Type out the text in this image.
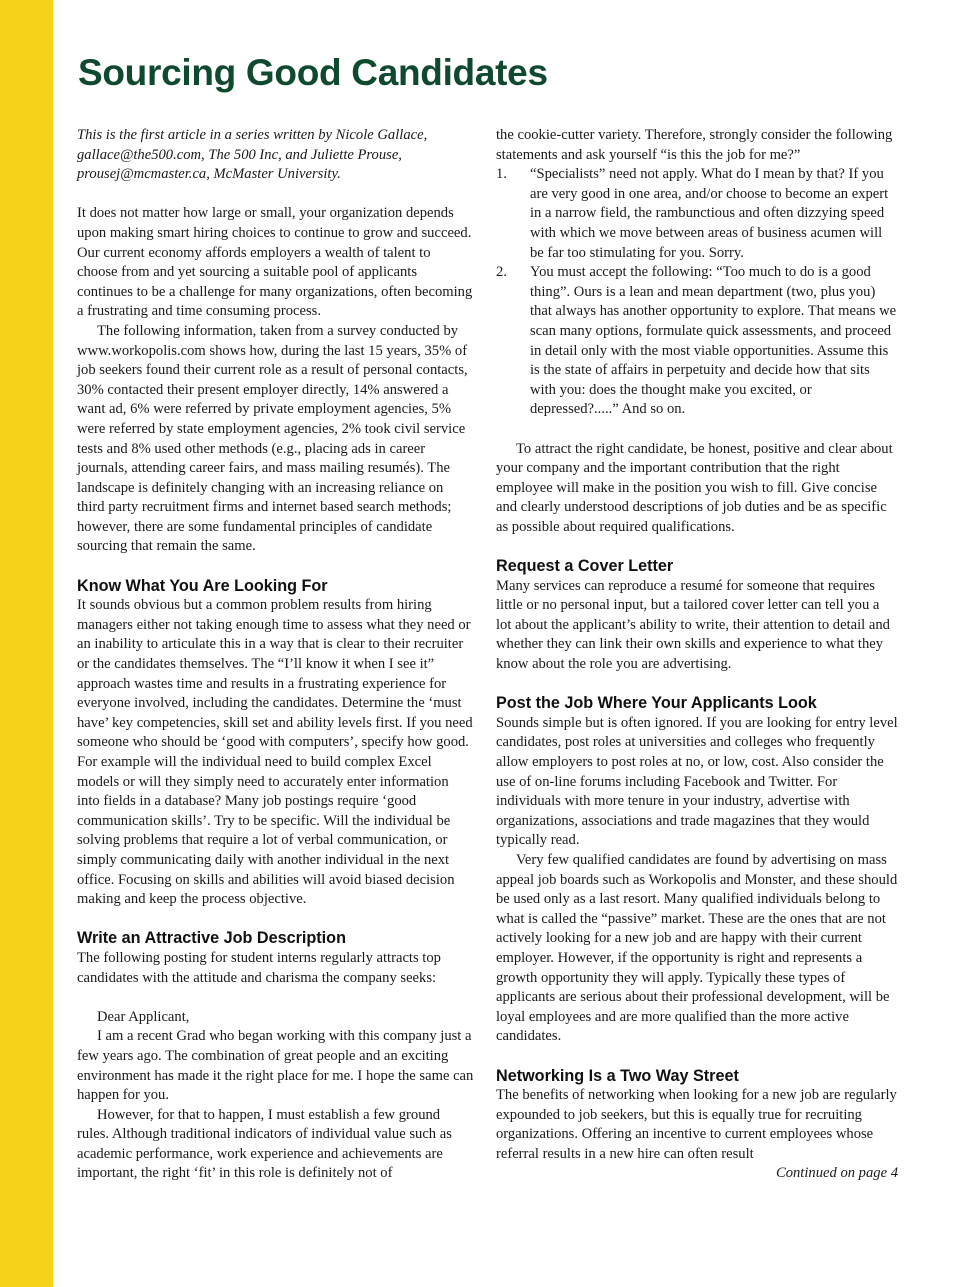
Sourcing Good Candidates

This is the first article in a series written by Nicole Gallace, gallace@the500.com, The 500 Inc, and Juliette Prouse, prousej@mcmaster.ca, McMaster University.

It does not matter how large or small, your organization depends upon making smart hiring choices to continue to grow and succeed. Our current economy affords employers a wealth of talent to choose from and yet sourcing a suitable pool of applicants continues to be a challenge for many organizations, often becoming a frustrating and time consuming process.

The following information, taken from a survey conducted by www.workopolis.com shows how, during the last 15 years, 35% of job seekers found their current role as a result of personal contacts, 30% contacted their present employer directly, 14% answered a want ad, 6% were referred by private employment agencies, 5% were referred by state employment agencies, 2% took civil service tests and 8% used other methods (e.g., placing ads in career journals, attending career fairs, and mass mailing resumés). The landscape is definitely changing with an increasing reliance on third party recruitment firms and internet based search methods; however, there are some fundamental principles of candidate sourcing that remain the same.

Know What You Are Looking For

It sounds obvious but a common problem results from hiring managers either not taking enough time to assess what they need or an inability to articulate this in a way that is clear to their recruiter or the candidates themselves. The “I’ll know it when I see it” approach wastes time and results in a frustrating experience for everyone involved, including the candidates. Determine the ‘must have’ key competencies, skill set and ability levels first. If you need someone who should be ‘good with computers’, specify how good. For example will the individual need to build complex Excel models or will they simply need to accurately enter information into fields in a database? Many job postings require ‘good communication skills’. Try to be specific. Will the individual be solving problems that require a lot of verbal communication, or simply communicating daily with another individual in the next office. Focusing on skills and abilities will avoid biased decision making and keep the process objective.

Write an Attractive Job Description

The following posting for student interns regularly attracts top candidates with the attitude and charisma the company seeks:

Dear Applicant,

I am a recent Grad who began working with this company just a few years ago. The combination of great people and an exciting environment has made it the right place for me. I hope the same can happen for you.

However, for that to happen, I must establish a few ground rules. Although traditional indicators of individual value such as academic performance, work experience and achievements are important, the right ‘fit’ in this role is definitely not of

the cookie-cutter variety. Therefore, strongly consider the following statements and ask yourself “is this the job for me?”

1.	“Specialists” need not apply. What do I mean by that? If you are very good in one area, and/or choose to become an expert in a narrow field, the rambunctious and often dizzying speed with which we move between areas of business acumen will be far too stimulating for you. Sorry.
2.	You must accept the following: “Too much to do is a good thing”. Ours is a lean and mean department (two, plus you) that always has another opportunity to explore. That means we scan many options, formulate quick assessments, and proceed in detail only with the most viable opportunities. Assume this is the state of affairs in perpetuity and decide how that sits with you: does the thought make you excited, or depressed?.....” And so on.

To attract the right candidate, be honest, positive and clear about your company and the important contribution that the right employee will make in the position you wish to fill. Give concise and clearly understood descriptions of job duties and be as specific as possible about required qualifications.

Request a Cover Letter

Many services can reproduce a resumé for someone that requires little or no personal input, but a tailored cover letter can tell you a lot about the applicant’s ability to write, their attention to detail and whether they can link their own skills and experience to what they know about the role you are advertising.

Post the Job Where Your Applicants Look

Sounds simple but is often ignored. If you are looking for entry level candidates, post roles at universities and colleges who frequently allow employers to post roles at no, or low, cost. Also consider the use of on-line forums including Facebook and Twitter. For individuals with more tenure in your industry, advertise with organizations, associations and trade magazines that they would typically read.

Very few qualified candidates are found by advertising on mass appeal job boards such as Workopolis and Monster, and these should be used only as a last resort. Many qualified individuals belong to what is called the “passive” market. These are the ones that are not actively looking for a new job and are happy with their current employer. However, if the opportunity is right and represents a growth opportunity they will apply. Typically these types of applicants are serious about their professional development, will be loyal employees and are more qualified than the more active candidates.

Networking Is a Two Way Street

The benefits of networking when looking for a new job are regularly expounded to job seekers, but this is equally true for recruiting organizations. Offering an incentive to current employees whose referral results in a new hire can often result

Continued on page 4
